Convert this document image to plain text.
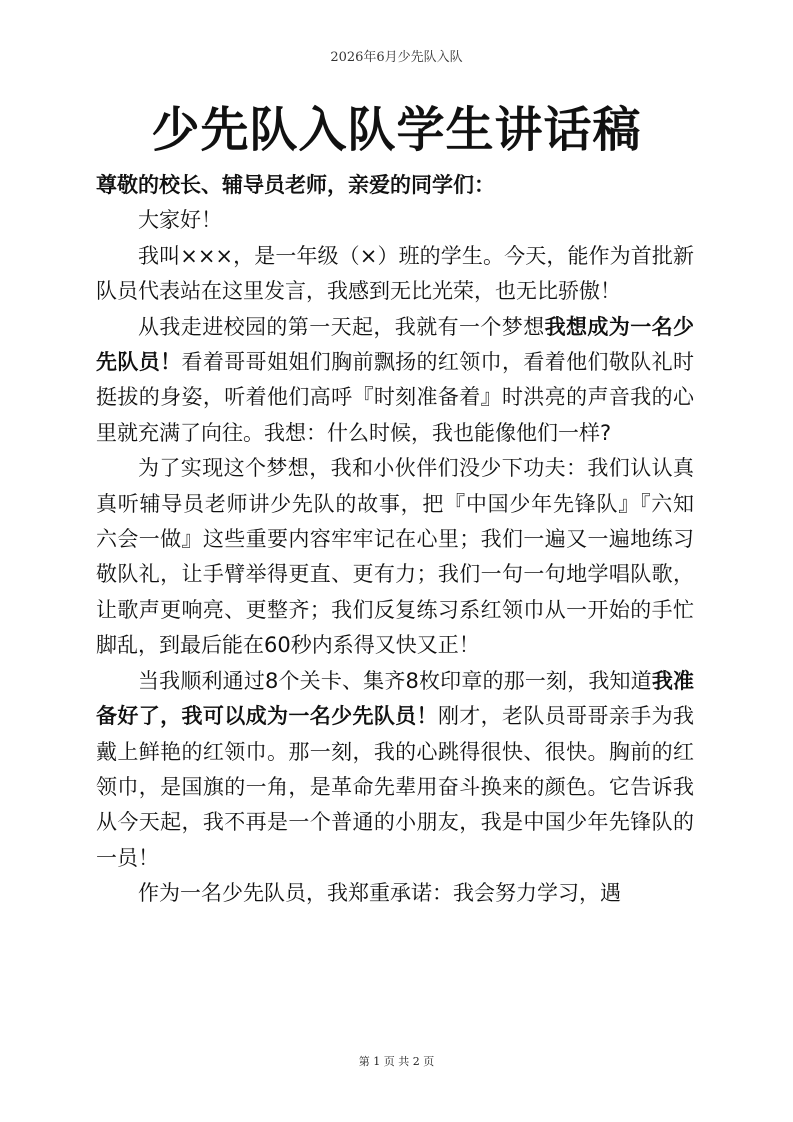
2026年6月少先队入队
少先队入队学生讲话稿

尊敬的校长、辅导员老师，亲爱的同学们：

大家好！

我叫×××，是一年级（×）班的学生。今天，能作为首批新队员代表站在这里发言，我感到无比光荣，也无比骄傲！

从我走进校园的第一天起，我就有一个梦想我想成为一名少先队员！看着哥哥姐姐们胸前飘扬的红领巾，看着他们敬队礼时挺拔的身姿，听着他们高呼『时刻准备着』时洪亮的声音我的心里就充满了向往。我想：什么时候，我也能像他们一样?

为了实现这个梦想，我和小伙伴们没少下功夫：我们认认真真听辅导员老师讲少先队的故事，把『中国少年先锋队』『六知六会一做』这些重要内容牢牢记在心里；我们一遍又一遍地练习敬队礼，让手臂举得更直、更有力；我们一句一句地学唱队歌，让歌声更响亮、更整齐；我们反复练习系红领巾从一开始的手忙脚乱，到最后能在60秒内系得又快又正！

当我顺利通过8个关卡、集齐8枚印章的那一刻，我知道我准备好了，我可以成为一名少先队员！刚才，老队员哥哥亲手为我戴上鲜艳的红领巾。那一刻，我的心跳得很快、很快。胸前的红领巾，是国旗的一角，是革命先辈用奋斗换来的颜色。它告诉我从今天起，我不再是一个普通的小朋友，我是中国少年先锋队的一员！

作为一名少先队员，我郑重承诺：我会努力学习，遇

第 1 页 共 2 页
